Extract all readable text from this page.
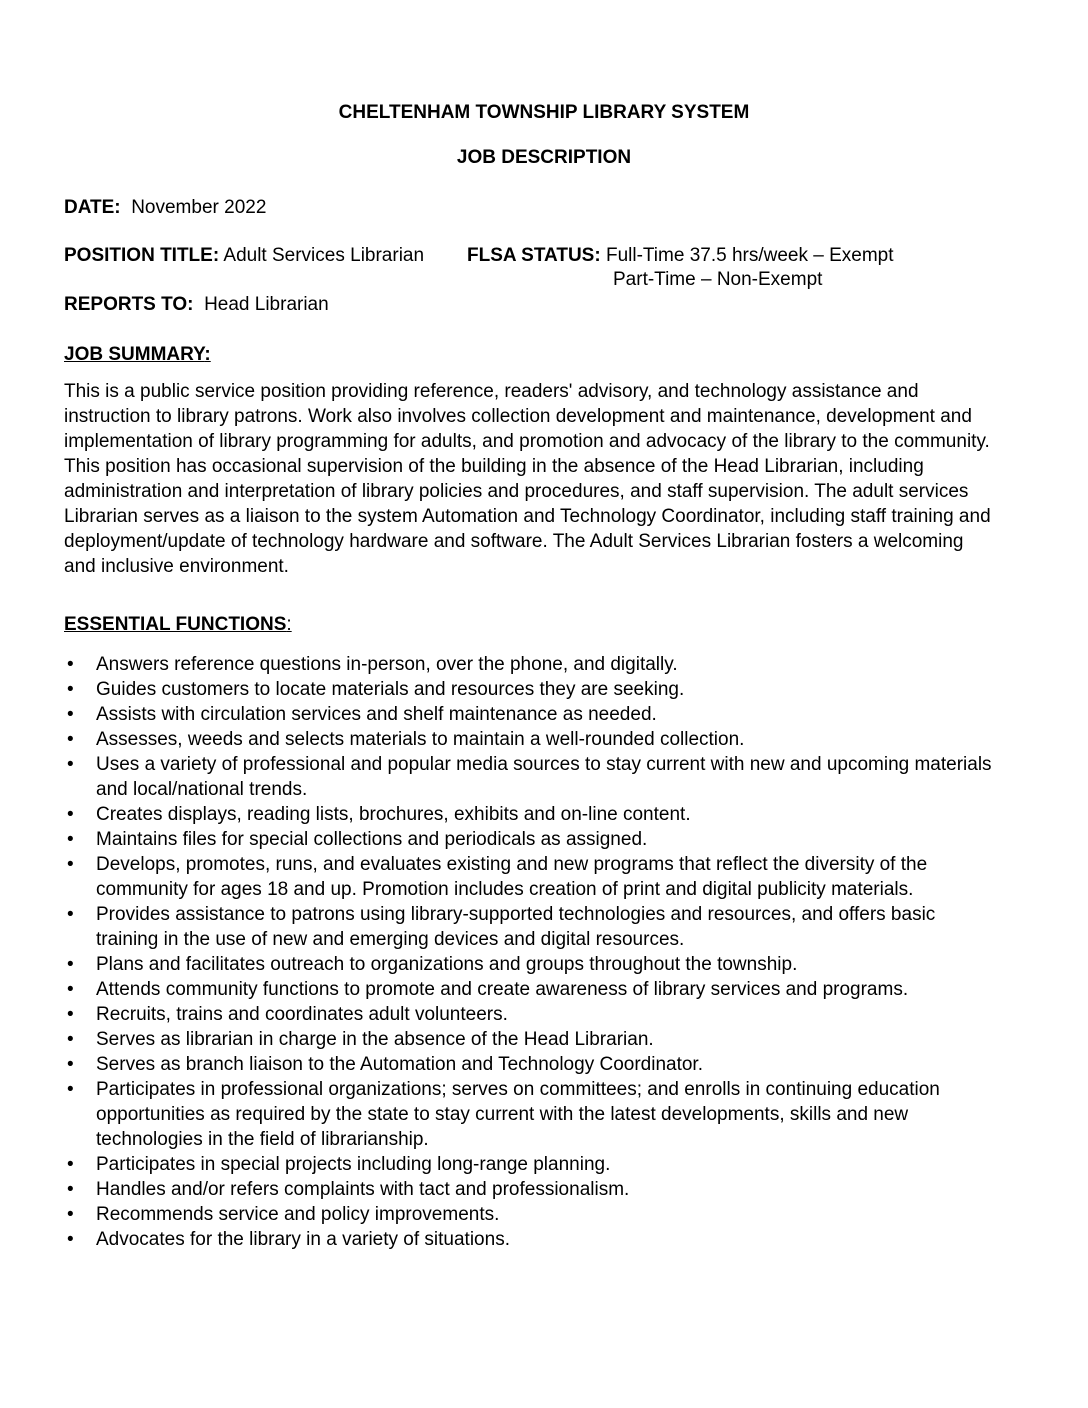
CHELTENHAM TOWNSHIP LIBRARY SYSTEM
JOB DESCRIPTION
DATE: November 2022
POSITION TITLE: Adult Services Librarian FLSA STATUS: Full-Time 37.5 hrs/week – Exempt
Part-Time – Non-Exempt
REPORTS TO: Head Librarian
JOB SUMMARY:
This is a public service position providing reference, readers' advisory, and technology assistance and
instruction to library patrons. Work also involves collection development and maintenance, development and
implementation of library programming for adults, and promotion and advocacy of the library to the community.
This position has occasional supervision of the building in the absence of the Head Librarian, including
administration and interpretation of library policies and procedures, and staff supervision. The adult services
Librarian serves as a liaison to the system Automation and Technology Coordinator, including staff training and
deployment/update of technology hardware and software. The Adult Services Librarian fosters a welcoming
and inclusive environment.
ESSENTIAL FUNCTIONS:
•	Answers reference questions in-person, over the phone, and digitally.
•	Guides customers to locate materials and resources they are seeking.
•	Assists with circulation services and shelf maintenance as needed.
•	Assesses, weeds and selects materials to maintain a well-rounded collection.
•	Uses a variety of professional and popular media sources to stay current with new and upcoming materials
and local/national trends.
•	Creates displays, reading lists, brochures, exhibits and on-line content.
•	Maintains files for special collections and periodicals as assigned.
•	Develops, promotes, runs, and evaluates existing and new programs that reflect the diversity of the
community for ages 18 and up. Promotion includes creation of print and digital publicity materials.
•	Provides assistance to patrons using library-supported technologies and resources, and offers basic
training in the use of new and emerging devices and digital resources.
•	Plans and facilitates outreach to organizations and groups throughout the township.
•	Attends community functions to promote and create awareness of library services and programs.
•	Recruits, trains and coordinates adult volunteers.
•	Serves as librarian in charge in the absence of the Head Librarian.
•	Serves as branch liaison to the Automation and Technology Coordinator.
•	Participates in professional organizations; serves on committees; and enrolls in continuing education
opportunities as required by the state to stay current with the latest developments, skills and new
technologies in the field of librarianship.
•	Participates in special projects including long-range planning.
•	Handles and/or refers complaints with tact and professionalism.
•	Recommends service and policy improvements.
•	Advocates for the library in a variety of situations.
